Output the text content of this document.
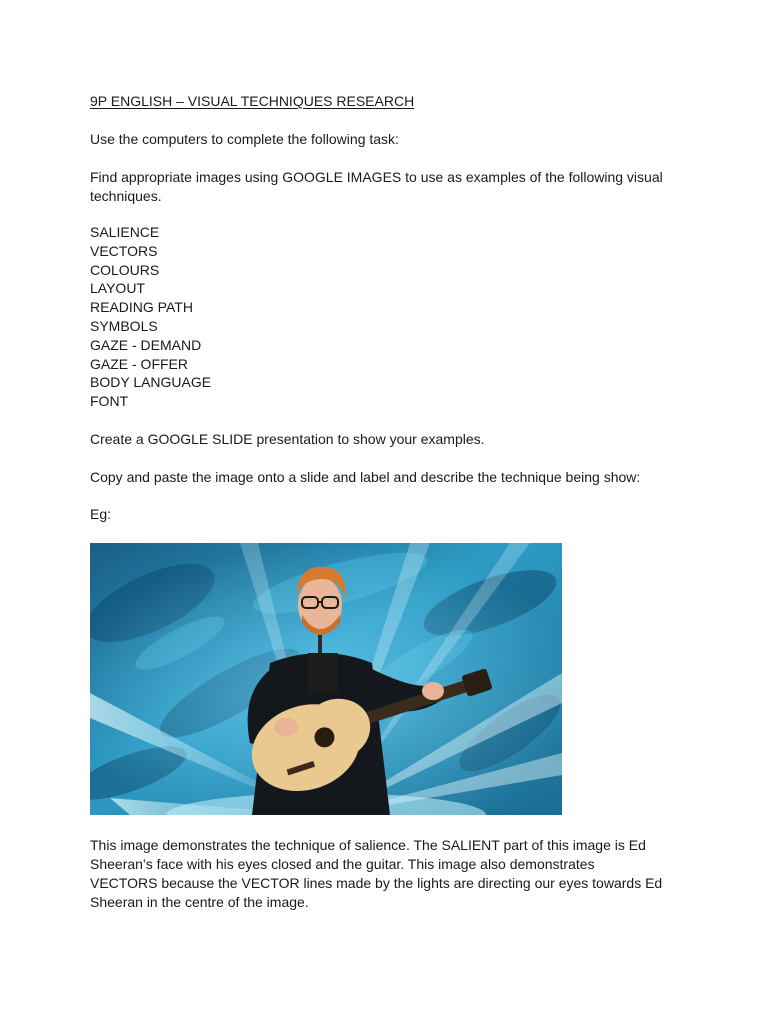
9P ENGLISH – VISUAL TECHNIQUES RESEARCH

Use the computers to complete the following task:

Find appropriate images using GOOGLE IMAGES to use as examples of the following visual techniques.

SALIENCE
VECTORS
COLOURS
LAYOUT
READING PATH
SYMBOLS
GAZE - DEMAND
GAZE - OFFER
BODY LANGUAGE
FONT

Create a GOOGLE SLIDE presentation to show your examples.

Copy and paste the image onto a slide and label and describe the technique being show:

Eg:

This image demonstrates the technique of salience. The SALIENT part of this image is Ed Sheeran’s face with his eyes closed and the guitar. This image also demonstrates VECTORS because the VECTOR lines made by the lights are directing our eyes towards Ed Sheeran in the centre of the image.
